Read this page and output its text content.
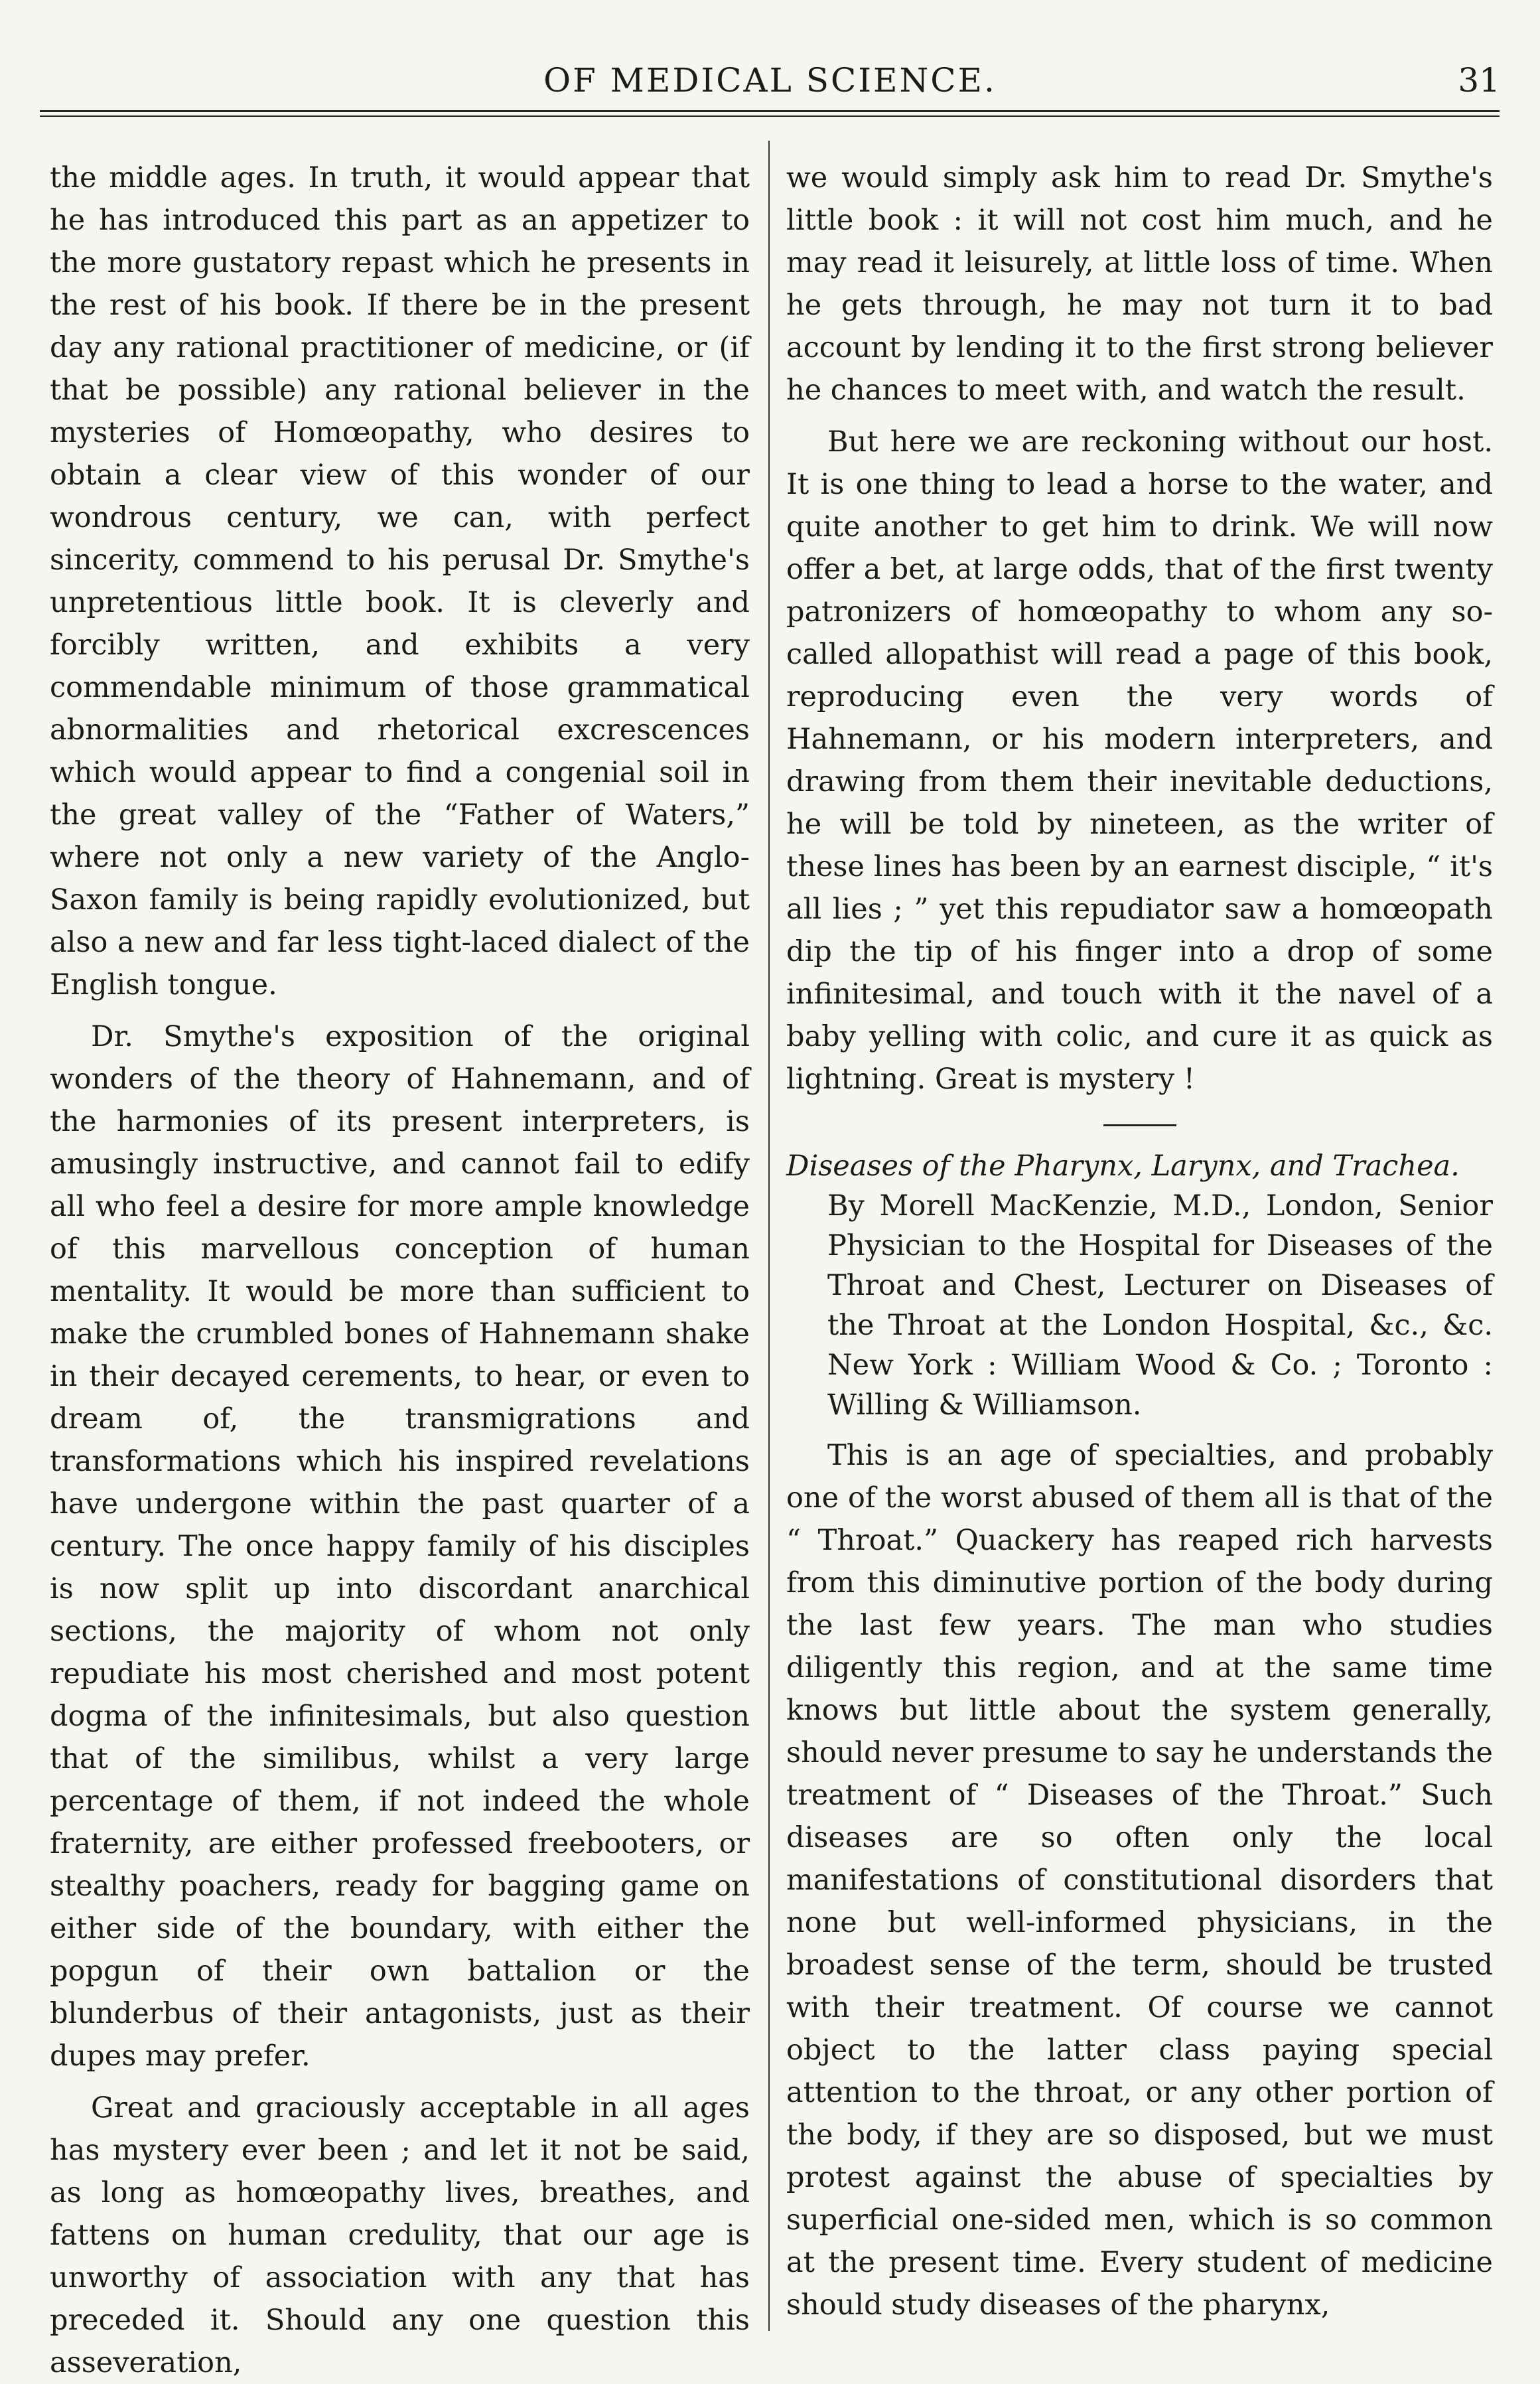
OF MEDICAL SCIENCE.	31

the middle ages. In truth, it would appear that he has introduced this part as an appetizer to the more gustatory repast which he presents in the rest of his book. If there be in the present day any rational practitioner of medicine, or (if that be possible) any rational believer in the mysteries of Homœopathy, who desires to obtain a clear view of this wonder of our wondrous century, we can, with perfect sincerity, commend to his perusal Dr. Smythe's unpretentious little book. It is cleverly and forcibly written, and exhibits a very commendable minimum of those grammatical abnormalities and rhetorical excrescences which would appear to find a congenial soil in the great valley of the “Father of Waters,” where not only a new variety of the Anglo-Saxon family is being rapidly evolutionized, but also a new and far less tight-laced dialect of the English tongue.

Dr. Smythe's exposition of the original wonders of the theory of Hahnemann, and of the harmonies of its present interpreters, is amusingly instructive, and cannot fail to edify all who feel a desire for more ample knowledge of this marvellous conception of human mentality. It would be more than sufficient to make the crumbled bones of Hahnemann shake in their decayed cerements, to hear, or even to dream of, the transmigrations and transformations which his inspired revelations have undergone within the past quarter of a century. The once happy family of his disciples is now split up into discordant anarchical sections, the majority of whom not only repudiate his most cherished and most potent dogma of the infinitesimals, but also question that of the similibus, whilst a very large percentage of them, if not indeed the whole fraternity, are either professed freebooters, or stealthy poachers, ready for bagging game on either side of the boundary, with either the popgun of their own battalion or the blunderbus of their antagonists, just as their dupes may prefer.

Great and graciously acceptable in all ages has mystery ever been ; and let it not be said, as long as homœopathy lives, breathes, and fattens on human credulity, that our age is unworthy of association with any that has preceded it. Should any one question this asseveration,

we would simply ask him to read Dr. Smythe's little book : it will not cost him much, and he may read it leisurely, at little loss of time. When he gets through, he may not turn it to bad account by lending it to the first strong believer he chances to meet with, and watch the result.

But here we are reckoning without our host. It is one thing to lead a horse to the water, and quite another to get him to drink. We will now offer a bet, at large odds, that of the first twenty patronizers of homœopathy to whom any so-called allopathist will read a page of this book, reproducing even the very words of Hahnemann, or his modern interpreters, and drawing from them their inevitable deductions, he will be told by nineteen, as the writer of these lines has been by an earnest disciple, “ it's all lies ; ” yet this repudiator saw a homœopath dip the tip of his finger into a drop of some infinitesimal, and touch with it the navel of a baby yelling with colic, and cure it as quick as lightning. Great is mystery !

Diseases of the Pharynx, Larynx, and Trachea.
By Morell MacKenzie, M.D., London, Senior Physician to the Hospital for Diseases of the Throat and Chest, Lecturer on Diseases of the Throat at the London Hospital, &c., &c. New York : William Wood & Co. ; Toronto : Willing & Williamson.

This is an age of specialties, and probably one of the worst abused of them all is that of the “ Throat.” Quackery has reaped rich harvests from this diminutive portion of the body during the last few years. The man who studies diligently this region, and at the same time knows but little about the system generally, should never presume to say he understands the treatment of “ Diseases of the Throat.” Such diseases are so often only the local manifestations of constitutional disorders that none but well-informed physicians, in the broadest sense of the term, should be trusted with their treatment. Of course we cannot object to the latter class paying special attention to the throat, or any other portion of the body, if they are so disposed, but we must protest against the abuse of specialties by superficial one-sided men, which is so common at the present time. Every student of medicine should study diseases of the pharynx,
